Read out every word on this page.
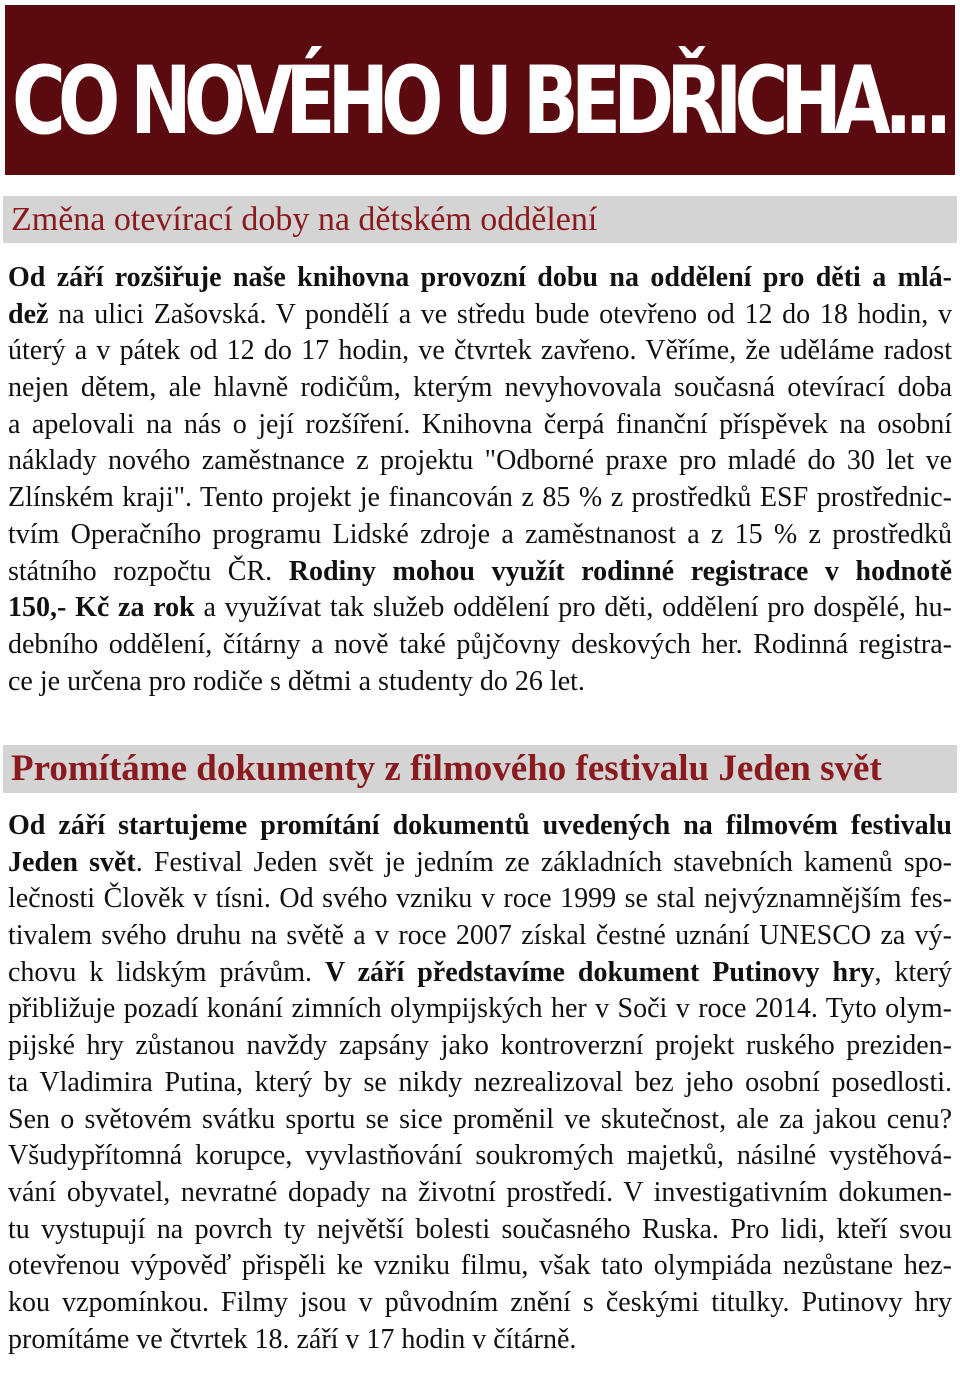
CO NOVÉHO U BEDŘICHA...
Změna otevírací doby na dětském oddělení
Od září rozšiřuje naše knihovna provozní dobu na oddělení pro děti a mlá-
dež na ulici Zašovská. V pondělí a ve středu bude otevřeno od 12 do 18 hodin, v
úterý a v pátek od 12 do 17 hodin, ve čtvrtek zavřeno. Věříme, že uděláme radost
nejen dětem, ale hlavně rodičům, kterým nevyhovovala současná otevírací doba
a apelovali na nás o její rozšíření. Knihovna čerpá finanční příspěvek na osobní
náklady nového zaměstnance z projektu "Odborné praxe pro mladé do 30 let ve
Zlínském kraji". Tento projekt je financován z 85 % z prostředků ESF prostřednic-
tvím Operačního programu Lidské zdroje a zaměstnanost a z 15 % z prostředků
státního rozpočtu ČR. Rodiny mohou využít rodinné registrace v hodnotě
150,- Kč za rok a využívat tak služeb oddělení pro děti, oddělení pro dospělé, hu-
debního oddělení, čítárny a nově také půjčovny deskových her. Rodinná registra-
ce je určena pro rodiče s dětmi a studenty do 26 let.
Promítáme dokumenty z filmového festivalu Jeden svět
Od září startujeme promítání dokumentů uvedených na filmovém festivalu
Jeden svět. Festival Jeden svět je jedním ze základních stavebních kamenů spo-
lečnosti Člověk v tísni. Od svého vzniku v roce 1999 se stal nejvýznamnějším fes-
tivalem svého druhu na světě a v roce 2007 získal čestné uznání UNESCO za vý-
chovu k lidským právům. V září představíme dokument Putinovy hry, který
přibližuje pozadí konání zimních olympijských her v Soči v roce 2014. Tyto olym-
pijské hry zůstanou navždy zapsány jako kontroverzní projekt ruského preziden-
ta Vladimira Putina, který by se nikdy nezrealizoval bez jeho osobní posedlosti.
Sen o světovém svátku sportu se sice proměnil ve skutečnost, ale za jakou cenu?
Všudypřítomná korupce, vyvlastňování soukromých majetků, násilné vystěhová-
vání obyvatel, nevratné dopady na životní prostředí. V investigativním dokumen-
tu vystupují na povrch ty největší bolesti současného Ruska. Pro lidi, kteří svou
otevřenou výpověď přispěli ke vzniku filmu, však tato olympiáda nezůstane hez-
kou vzpomínkou. Filmy jsou v původním znění s českými titulky. Putinovy hry
promítáme ve čtvrtek 18. září v 17 hodin v čítárně.
